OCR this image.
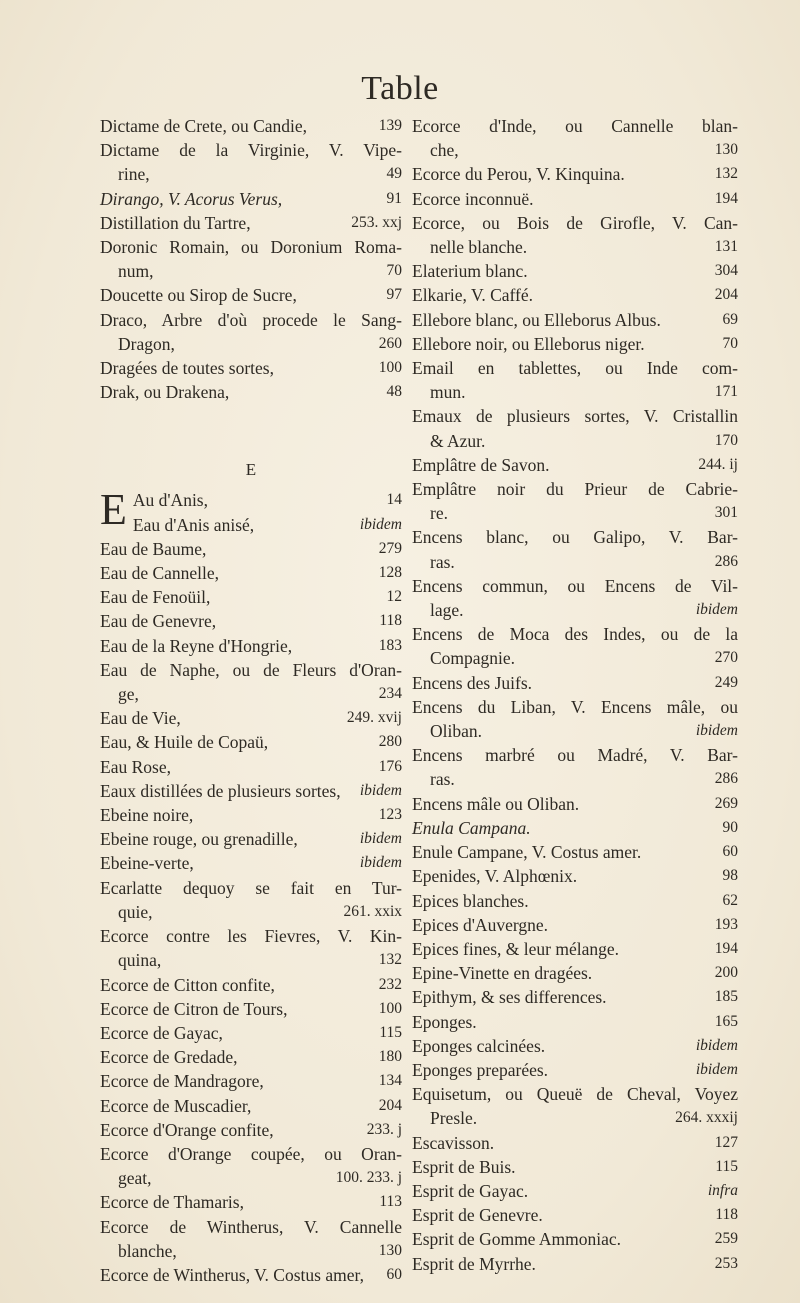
Table
Dictame de Crete, ou Candie,	139
Dictame de la Virginie, V. Vipe-
rine,	49
Dirango, V. Acorus Verus,	91
Distillation du Tartre,	253. xxj
Doronic Romain, ou Doronium Roma-
num,	70
Doucette ou Sirop de Sucre,	97
Draco, Arbre d'où procede le Sang-
Dragon,	260
Dragées de toutes sortes,	100
Drak, ou Drakena,	48
E
E Au d'Anis,	14
Eau d'Anis anisé,	ibidem
Eau de Baume,	279
Eau de Cannelle,	128
Eau de Fenoüil,	12
Eau de Genevre,	118
Eau de la Reyne d'Hongrie,	183
Eau de Naphe, ou de Fleurs d'Oran-
ge,	234
Eau de Vie,	249. xvij
Eau, & Huile de Copaü,	280
Eau Rose,	176
Eaux distillées de plusieurs sortes,	ibidem
Ebeine noire,	123
Ebeine rouge, ou grenadille,	ibidem
Ebeine-verte,	ibidem
Ecarlatte dequoy se fait en Tur-
quie,	261. xxix
Ecorce contre les Fievres, V. Kin-
quina,	132
Ecorce de Citton confite,	232
Ecorce de Citron de Tours,	100
Ecorce de Gayac,	115
Ecorce de Gredade,	180
Ecorce de Mandragore,	134
Ecorce de Muscadier,	204
Ecorce d'Orange confite,	233. j
Ecorce d'Orange coupée, ou Oran-
geat,	100. 233. j
Ecorce de Thamaris,	113
Ecorce de Wintherus, V. Cannelle
blanche,	130
Ecorce de Wintherus, V. Costus amer,	60
Ecorce d'Inde, ou Cannelle blan-
che,	130
Ecorce du Perou, V. Kinquina.	132
Ecorce inconnuë.	194
Ecorce, ou Bois de Girofle, V. Can-
nelle blanche.	131
Elaterium blanc.	304
Elkarie, V. Caffé.	204
Ellebore blanc, ou Elleborus Albus.	69
Ellebore noir, ou Elleborus niger.	70
Email en tablettes, ou Inde com-
mun.	171
Emaux de plusieurs sortes, V. Cristallin
& Azur.	170
Emplâtre de Savon.	244. ij
Emplâtre noir du Prieur de Cabrie-
re.	301
Encens blanc, ou Galipo, V. Bar-
ras.	286
Encens commun, ou Encens de Vil-
lage.	ibidem
Encens de Moca des Indes, ou de la
Compagnie.	270
Encens des Juifs.	249
Encens du Liban, V. Encens mâle, ou
Oliban.	ibidem
Encens marbré ou Madré, V. Bar-
ras.	286
Encens mâle ou Oliban.	269
Enula Campana.	90
Enule Campane, V. Costus amer.	60
Epenides, V. Alphœnix.	98
Epices blanches.	62
Epices d'Auvergne.	193
Epices fines, & leur mélange.	194
Epine-Vinette en dragées.	200
Epithym, & ses differences.	185
Eponges.	165
Eponges calcinées.	ibidem
Eponges preparées.	ibidem
Equisetum, ou Queuë de Cheval, Voyez
Presle.	264. xxxij
Escavisson.	127
Esprit de Buis.	115
Esprit de Gayac.	infra
Esprit de Genevre.	118
Esprit de Gomme Ammoniac.	259
Esprit de Myrrhe.	253
